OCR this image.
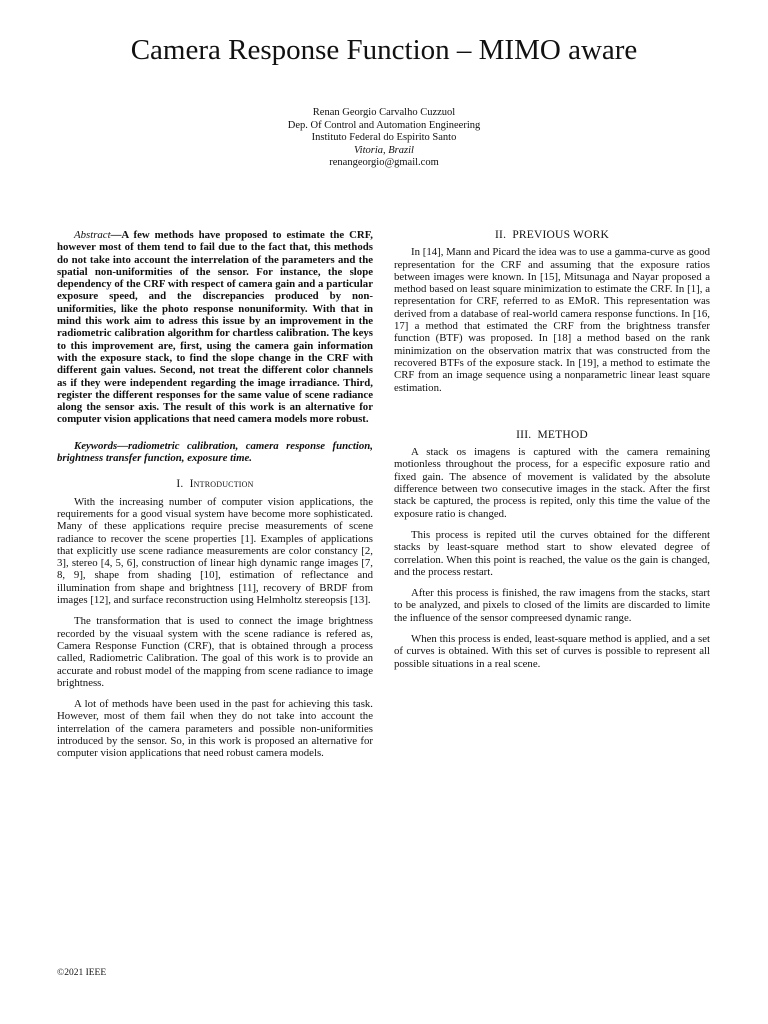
Camera Response Function – MIMO aware
Renan Georgio Carvalho Cuzzuol
Dep. Of Control and Automation Engineering
Instituto Federal do Espirito Santo
Vitoria, Brazil
renangeorgio@gmail.com

Abstract—A few methods have proposed to estimate the CRF, however most of them tend to fail due to the fact that, this methods do not take into account the interrelation of the parameters and the spatial non-uniformities of the sensor. For instance, the slope dependency of the CRF with respect of camera gain and a particular exposure speed, and the discrepancies produced by non-uniformities, like the photo response nonuniformity. With that in mind this work aim to adress this issue by an improvement in the radiometric calibration algorithm for chartless calibration. The keys to this improvement are, first, using the camera gain information with the exposure stack, to find the slope change in the CRF with different gain values. Second, not treat the different color channels as if they were independent regarding the image irradiance. Third, register the different responses for the same value of scene radiance along the sensor axis. The result of this work is an alternative for computer vision applications that need camera models more robust.

Keywords—radiometric calibration, camera response function, brightness transfer function, exposure time.

I. Introduction

With the increasing number of computer vision applications, the requirements for a good visual system have become more sophisticated. Many of these applications require precise measurements of scene radiance to recover the scene properties [1]. Examples of applications that explicitly use scene radiance measurements are color constancy [2, 3], stereo [4, 5, 6], construction of linear high dynamic range images [7, 8, 9], shape from shading [10], estimation of reflectance and illumination from shape and brightness [11], recovery of BRDF from images [12], and surface reconstruction using Helmholtz stereopsis [13].

The transformation that is used to connect the image brightness recorded by the visuaal system with the scene radiance is refered as, Camera Response Function (CRF), that is obtained through a process called, Radiometric Calibration. The goal of this work is to provide an accurate and robust model of the mapping from scene radiance to image brightness.

A lot of methods have been used in the past for achieving this task. However, most of them fail when they do not take into account the interrelation of the camera parameters and possible non-uniformities introduced by the sensor. So, in this work is proposed an alternative for computer vision applications that need robust camera models.

II. PREVIOUS WORK

In [14], Mann and Picard the idea was to use a gamma-curve as good representation for the CRF and assuming that the exposure ratios between images were known. In [15], Mitsunaga and Nayar proposed a method based on least square minimization to estimate the CRF. In [1], a representation for CRF, referred to as EMoR. This representation was derived from a database of real-world camera response functions. In [16, 17] a method that estimated the CRF from the brightness transfer function (BTF) was proposed. In [18] a method based on the rank minimization on the observation matrix that was constructed from the recovered BTFs of the exposure stack. In [19], a method to estimate the CRF from an image sequence using a nonparametric linear least square estimation.

III. METHOD

A stack os imagens is captured with the camera remaining motionless throughout the process, for a especific exposure ratio and fixed gain. The absence of movement is validated by the absolute difference between two consecutive images in the stack. After the first stack be captured, the process is repited, only this time the value of the exposure ratio is changed.

This process is repited util the curves obtained for the different stacks by least-square method start to show elevated degree of correlation. When this point is reached, the value os the gain is changed, and the process restart.

After this process is finished, the raw imagens from the stacks, start to be analyzed, and pixels to closed of the limits are discarded to limite the influence of the sensor compreesed dynamic range.

When this process is ended, least-square method is applied, and a set of curves is obtained. With this set of curves is possible to represent all possible situations in a real scene.

©2021 IEEE
